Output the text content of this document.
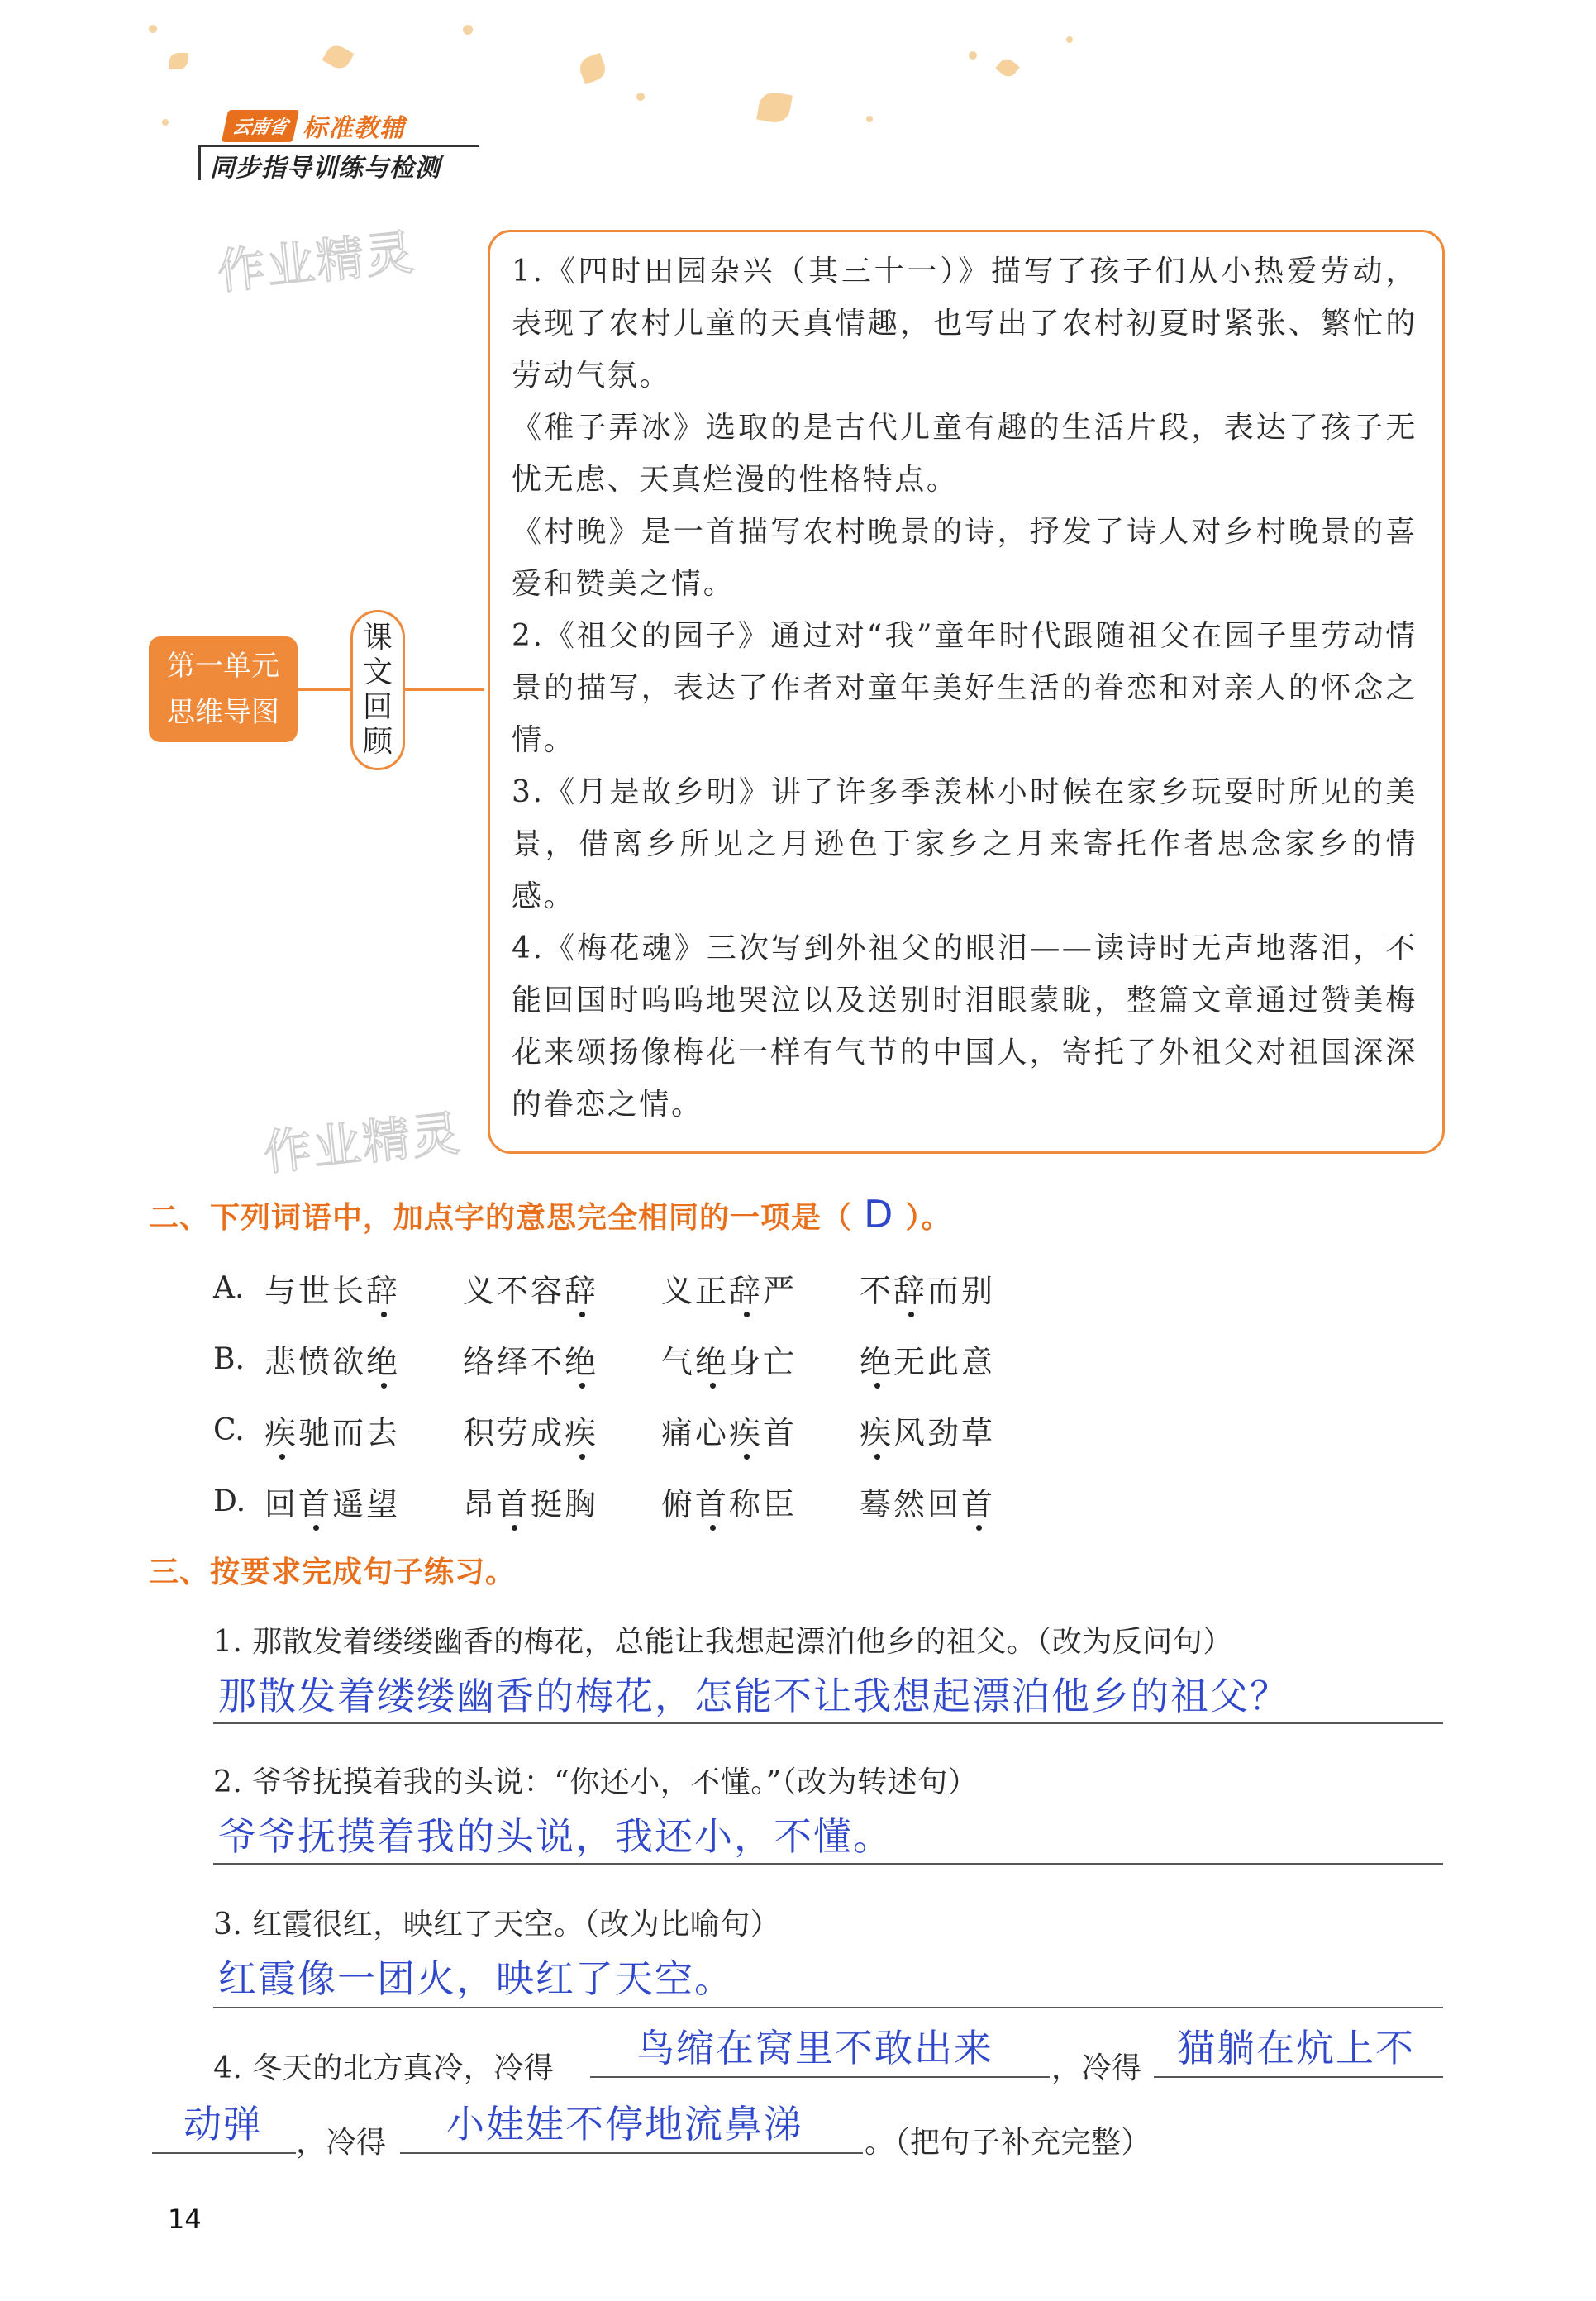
云南省 标准教辅
同步指导训练与检测
作业精灵
作业精灵
第一单元
思维导图
课
文
回
顾

1.《四时田园杂兴（其三十一）》描写了孩子们从小热爱劳动，表现了农村儿童的天真情趣，也写出了农村初夏时紧张、繁忙的劳动气氛。

《稚子弄冰》选取的是古代儿童有趣的生活片段，表达了孩子无忧无虑、天真烂漫的性格特点。

《村晚》是一首描写农村晚景的诗，抒发了诗人对乡村晚景的喜爱和赞美之情。

2.《祖父的园子》通过对“我”童年时代跟随祖父在园子里劳动情景的描写，表达了作者对童年美好生活的眷恋和对亲人的怀念之情。

3.《月是故乡明》讲了许多季羡林小时候在家乡玩耍时所见的美景，借离乡所见之月逊色于家乡之月来寄托作者思念家乡的情感。

4.《梅花魂》三次写到外祖父的眼泪——读诗时无声地落泪，不能回国时呜呜地哭泣以及送别时泪眼蒙眬，整篇文章通过赞美梅花来颂扬像梅花一样有气节的中国人，寄托了外祖父对祖国深深的眷恋之情。

二、下列词语中，加点字的意思完全相同的一项是（ D ）。
A. 与世长辞	义不容辞	义正辞严	不辞而别
B. 悲愤欲绝	络绎不绝	气绝身亡	绝无此意
C. 疾驰而去	积劳成疾	痛心疾首	疾风劲草
D. 回首遥望	昂首挺胸	俯首称臣	蓦然回首
三、按要求完成句子练习。
1. 那散发着缕缕幽香的梅花，总能让我想起漂泊他乡的祖父。（改为反问句）
那散发着缕缕幽香的梅花，怎能不让我想起漂泊他乡的祖父？
2. 爷爷抚摸着我的头说：“你还小，不懂。”（改为转述句）
爷爷抚摸着我的头说，我还小，不懂。
3. 红霞很红，映红了天空。（改为比喻句）
红霞像一团火，映红了天空。
4. 冬天的北方真冷，冷得 鸟缩在窝里不敢出来 ，冷得 猫躺在炕上不
动弹 ，冷得 小娃娃不停地流鼻涕 。（把句子补充完整）
14
